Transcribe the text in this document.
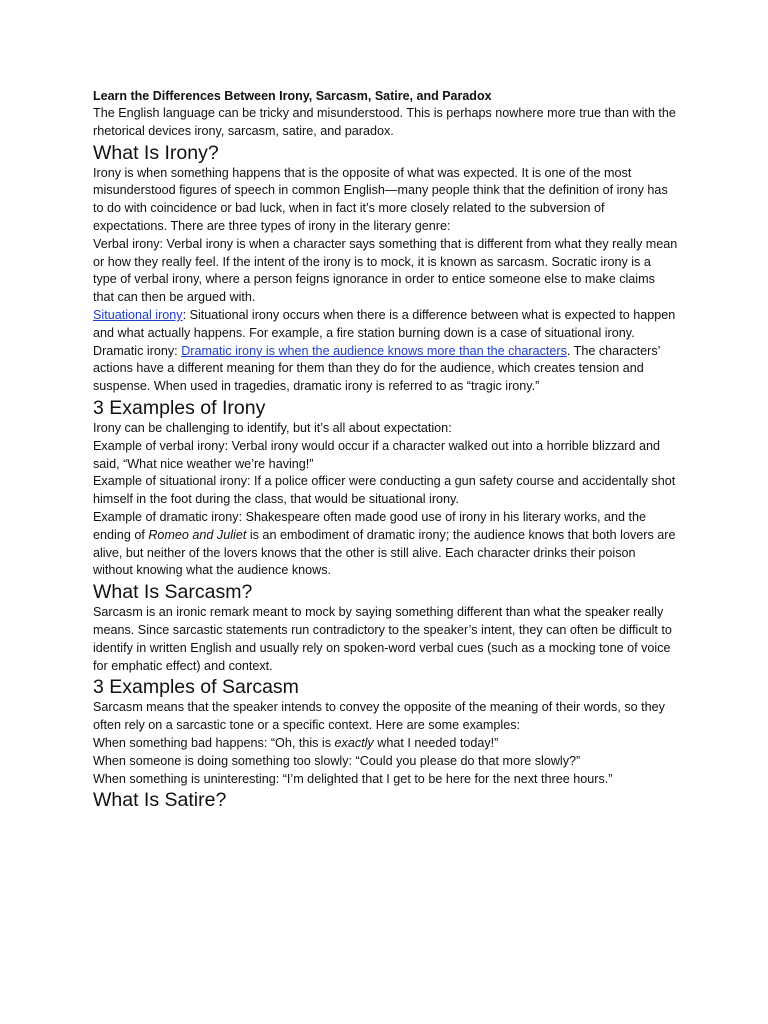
Learn the Differences Between Irony, Sarcasm, Satire, and Paradox

The English language can be tricky and misunderstood. This is perhaps nowhere more true than with the rhetorical devices irony, sarcasm, satire, and paradox.

What Is Irony?

Irony is when something happens that is the opposite of what was expected. It is one of the most misunderstood figures of speech in common English—many people think that the definition of irony has to do with coincidence or bad luck, when in fact it’s more closely related to the subversion of expectations. There are three types of irony in the literary genre:

Verbal irony: Verbal irony is when a character says something that is different from what they really mean or how they really feel. If the intent of the irony is to mock, it is known as sarcasm. Socratic irony is a type of verbal irony, where a person feigns ignorance in order to entice someone else to make claims that can then be argued with.

Situational irony: Situational irony occurs when there is a difference between what is expected to happen and what actually happens. For example, a fire station burning down is a case of situational irony.

Dramatic irony: Dramatic irony is when the audience knows more than the characters. The characters’ actions have a different meaning for them than they do for the audience, which creates tension and suspense. When used in tragedies, dramatic irony is referred to as “tragic irony.”

3 Examples of Irony

Irony can be challenging to identify, but it’s all about expectation:

Example of verbal irony: Verbal irony would occur if a character walked out into a horrible blizzard and said, “What nice weather we’re having!”

Example of situational irony: If a police officer were conducting a gun safety course and accidentally shot himself in the foot during the class, that would be situational irony.

Example of dramatic irony: Shakespeare often made good use of irony in his literary works, and the ending of Romeo and Juliet is an embodiment of dramatic irony; the audience knows that both lovers are alive, but neither of the lovers knows that the other is still alive. Each character drinks their poison without knowing what the audience knows.

What Is Sarcasm?

Sarcasm is an ironic remark meant to mock by saying something different than what the speaker really means. Since sarcastic statements run contradictory to the speaker’s intent, they can often be difficult to identify in written English and usually rely on spoken-word verbal cues (such as a mocking tone of voice for emphatic effect) and context.

3 Examples of Sarcasm

Sarcasm means that the speaker intends to convey the opposite of the meaning of their words, so they often rely on a sarcastic tone or a specific context. Here are some examples:

When something bad happens: “Oh, this is exactly what I needed today!”

When someone is doing something too slowly: “Could you please do that more slowly?”

When something is uninteresting: “I’m delighted that I get to be here for the next three hours.”

What Is Satire?
